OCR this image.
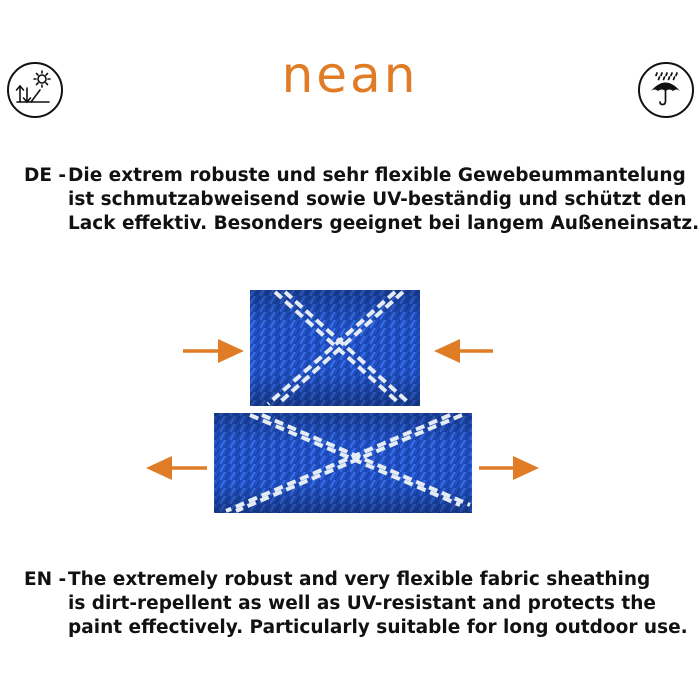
nean
DE - Die extrem robuste und sehr flexible Gewebeummantelung
ist schmutzabweisend sowie UV-beständig und schützt den
Lack effektiv. Besonders geeignet bei langem Außeneinsatz.
EN - The extremely robust and very flexible fabric sheathing
is dirt-repellent as well as UV-resistant and protects the
paint effectively. Particularly suitable for long outdoor use.
